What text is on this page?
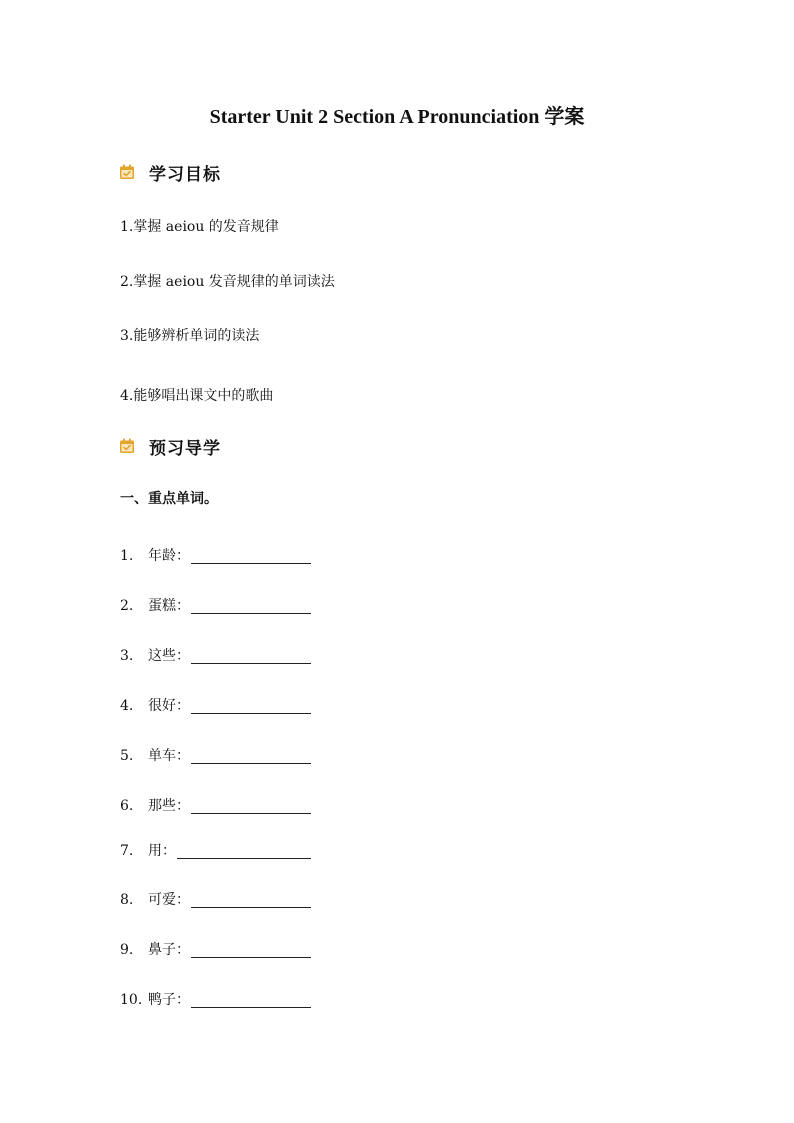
Starter Unit 2 Section A Pronunciation 学案
学习目标
1.掌握 aeiou 的发音规律
2.掌握 aeiou 发音规律的单词读法
3.能够辨析单词的读法
4.能够唱出课文中的歌曲
预习导学
一、重点单词。
1.	年龄：
2.	蛋糕：
3.	这些：
4.	很好：
5.	单车：
6.	那些：
7.	用：
8.	可爱：
9.	鼻子：
10. 鸭子：
